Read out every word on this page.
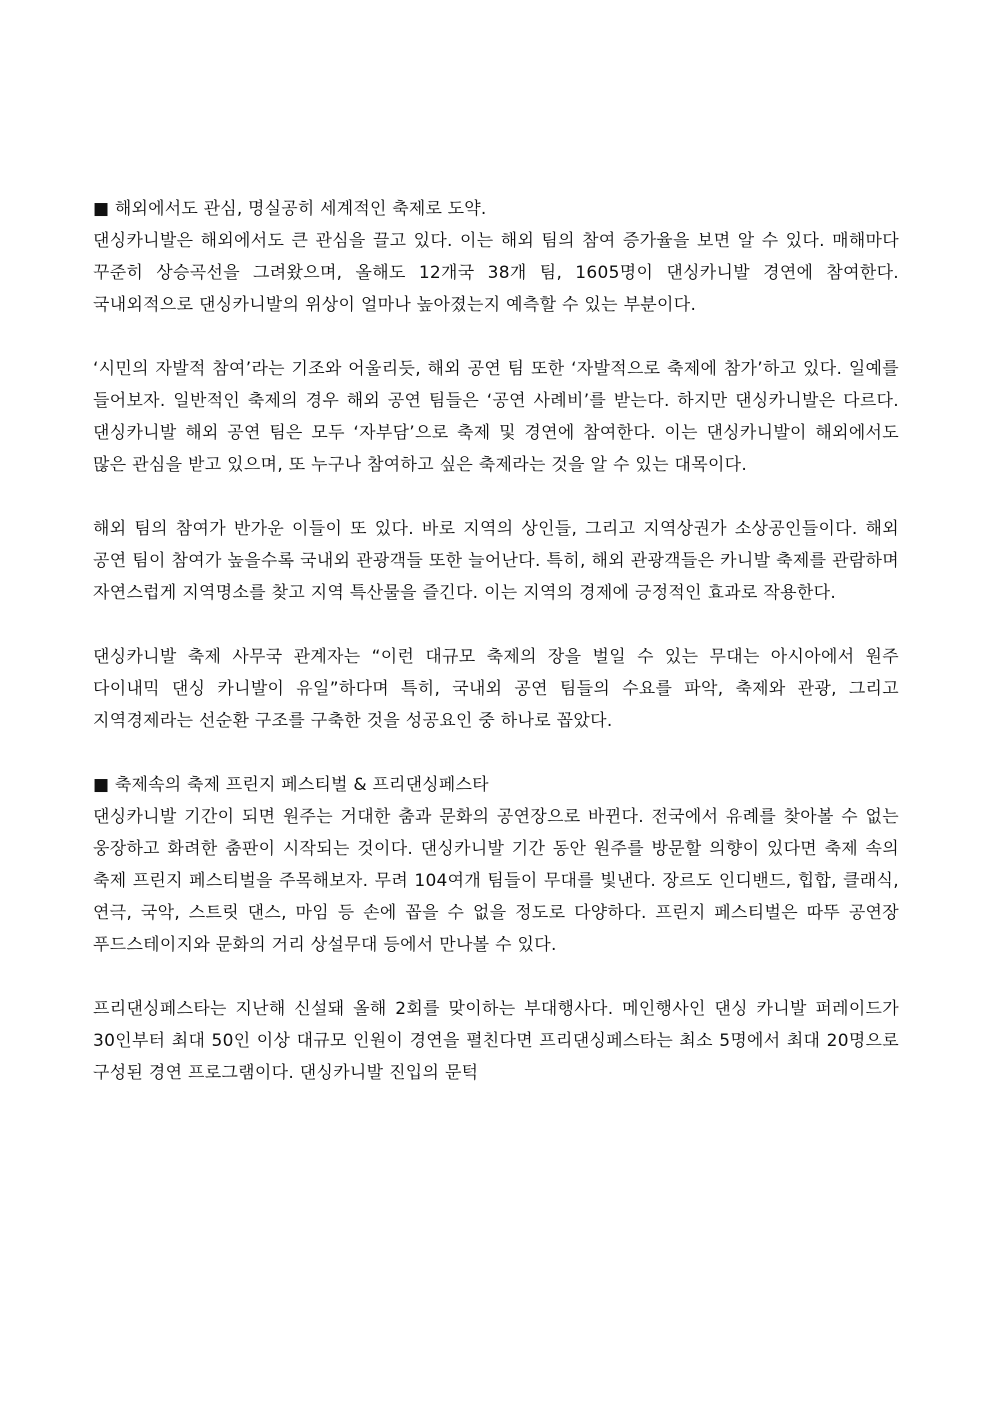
■ 해외에서도 관심, 명실공히 세계적인 축제로 도약.

댄싱카니발은 해외에서도 큰 관심을 끌고 있다. 이는 해외 팀의 참여 증가율을 보면 알 수 있다. 매해마다 꾸준히 상승곡선을 그려왔으며, 올해도 12개국 38개 팀, 1605명이 댄싱카니발 경연에 참여한다. 국내외적으로 댄싱카니발의 위상이 얼마나 높아졌는지 예측할 수 있는 부분이다.

‘시민의 자발적 참여’라는 기조와 어울리듯, 해외 공연 팀 또한 ‘자발적으로 축제에 참가’하고 있다. 일예를 들어보자. 일반적인 축제의 경우 해외 공연 팀들은 ‘공연 사례비’를 받는다. 하지만 댄싱카니발은 다르다. 댄싱카니발 해외 공연 팀은 모두 ‘자부담’으로 축제 및 경연에 참여한다. 이는 댄싱카니발이 해외에서도 많은 관심을 받고 있으며, 또 누구나 참여하고 싶은 축제라는 것을 알 수 있는 대목이다.

해외 팀의 참여가 반가운 이들이 또 있다. 바로 지역의 상인들, 그리고 지역상권가 소상공인들이다. 해외 공연 팀이 참여가 높을수록 국내외 관광객들 또한 늘어난다. 특히, 해외 관광객들은 카니발 축제를 관람하며 자연스럽게 지역명소를 찾고 지역 특산물을 즐긴다. 이는 지역의 경제에 긍정적인 효과로 작용한다.

댄싱카니발 축제 사무국 관계자는 “이런 대규모 축제의 장을 벌일 수 있는 무대는 아시아에서 원주 다이내믹 댄싱 카니발이 유일”하다며 특히, 국내외 공연 팀들의 수요를 파악, 축제와 관광, 그리고 지역경제라는 선순환 구조를 구축한 것을 성공요인 중 하나로 꼽았다.

■ 축제속의 축제 프린지 페스티벌 & 프리댄싱페스타

댄싱카니발 기간이 되면 원주는 거대한 춤과 문화의 공연장으로 바뀐다. 전국에서 유례를 찾아볼 수 없는 웅장하고 화려한 춤판이 시작되는 것이다. 댄싱카니발 기간 동안 원주를 방문할 의향이 있다면 축제 속의 축제 프린지 페스티벌을 주목해보자. 무려 104여개 팀들이 무대를 빛낸다. 장르도 인디밴드, 힙합, 클래식, 연극, 국악, 스트릿 댄스, 마임 등 손에 꼽을 수 없을 정도로 다양하다. 프린지 페스티벌은 따뚜 공연장 푸드스테이지와 문화의 거리 상설무대 등에서 만나볼 수 있다.

프리댄싱페스타는 지난해 신설돼 올해 2회를 맞이하는 부대행사다. 메인행사인 댄싱 카니발 퍼레이드가 30인부터 최대 50인 이상 대규모 인원이 경연을 펼친다면 프리댄싱페스타는 최소 5명에서 최대 20명으로 구성된 경연 프로그램이다. 댄싱카니발 진입의 문턱
